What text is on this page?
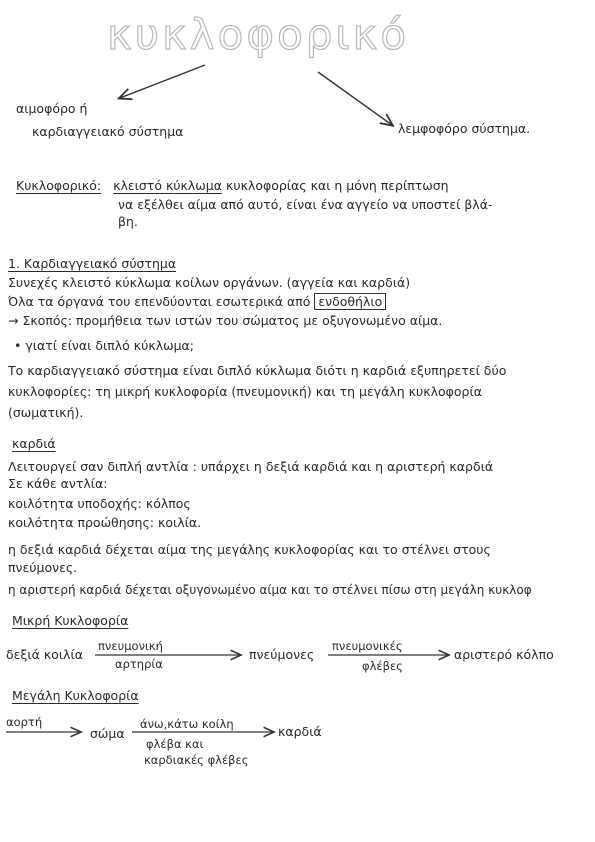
κυκλοφορικό
αιμοφόρο ή
καρδιαγγειακό σύστημα	λεμφοφόρο σύστημα.
Κυκλοφορικό: κλειστό κύκλωμα κυκλοφορίας και η μόνη περίπτωση
να εξέλθει αίμα από αυτό, είναι ένα αγγείο να υποστεί βλά-
βη.
1. Καρδιαγγειακό σύστημα
Συνεχές κλειστό κύκλωμα κοίλων οργάνων. (αγγεία και καρδιά)
Όλα τα όργανά του επενδύονται εσωτερικά από ενδοθήλιο
→ Σκοπός: προμήθεια των ιστών του σώματος με οξυγονωμένο αίμα.
• γιατί είναι διπλό κύκλωμα;
Το καρδιαγγειακό σύστημα είναι διπλό κύκλωμα διότι η καρδιά εξυπηρετεί δύο
κυκλοφορίες: τη μικρή κυκλοφορία (πνευμονική) και τη μεγάλη κυκλοφορία
(σωματική).
καρδιά
Λειτουργεί σαν διπλή αντλία : υπάρχει η δεξιά καρδιά και η αριστερή καρδιά
Σε κάθε αντλία:
κοιλότητα υποδοχής: κόλπος
κοιλότητα προώθησης: κοιλία.
η δεξιά καρδιά δέχεται αίμα της μεγάλης κυκλοφορίας και το στέλνει στους
πνεύμονες.
η αριστερή καρδιά δέχεται οξυγονωμένο αίμα και το στέλνει πίσω στη μεγάλη κυκλοφ
Μικρή Κυκλοφορία
δεξιά κοιλία
πνευμονική
αρτηρία
πνεύμονες
πνευμονικές
φλέβες
αριστερό κόλπο
Μεγάλη Κυκλοφορία
αορτή
σώμα
άνω,κάτω κοίλη
φλέβα και
καρδιακές φλέβες
καρδιά
